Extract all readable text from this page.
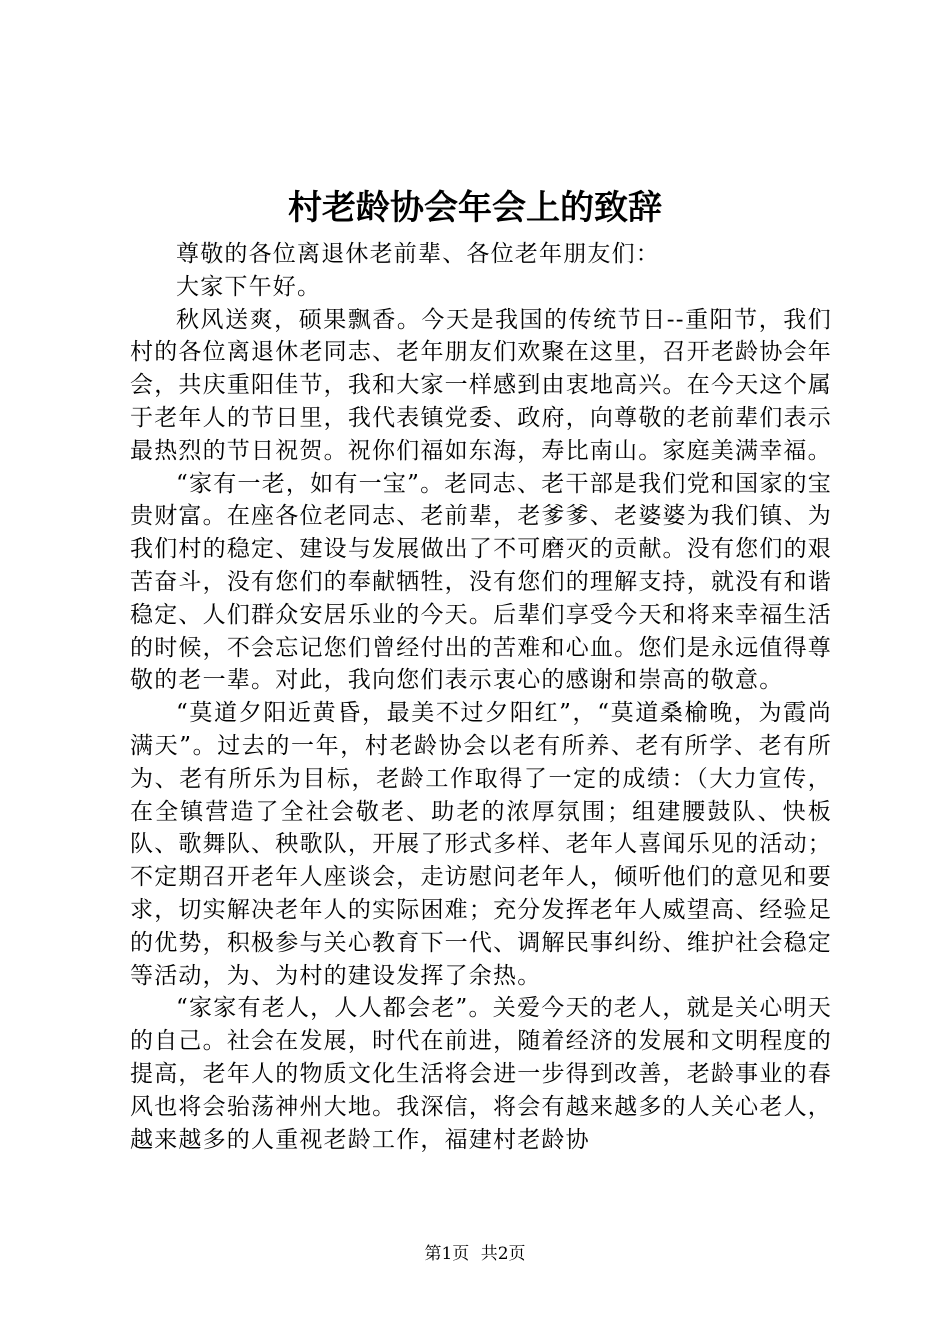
村老龄协会年会上的致辞

尊敬的各位离退休老前辈、各位老年朋友们：

大家下午好。

秋风送爽，硕果飘香。今天是我国的传统节日--重阳节，我们村的各位离退休老同志、老年朋友们欢聚在这里，召开老龄协会年会，共庆重阳佳节，我和大家一样感到由衷地高兴。在今天这个属于老年人的节日里，我代表镇党委、政府，向尊敬的老前辈们表示最热烈的节日祝贺。祝你们福如东海，寿比南山。家庭美满幸福。

“家有一老，如有一宝”。老同志、老干部是我们党和国家的宝贵财富。在座各位老同志、老前辈，老爹爹、老婆婆为我们镇、为我们村的稳定、建设与发展做出了不可磨灭的贡献。没有您们的艰苦奋斗，没有您们的奉献牺牲，没有您们的理解支持，就没有和谐稳定、人们群众安居乐业的今天。后辈们享受今天和将来幸福生活的时候，不会忘记您们曾经付出的苦难和心血。您们是永远值得尊敬的老一辈。对此，我向您们表示衷心的感谢和崇高的敬意。

“莫道夕阳近黄昏，最美不过夕阳红”，“莫道桑榆晚，为霞尚满天”。过去的一年，村老龄协会以老有所养、老有所学、老有所为、老有所乐为目标，老龄工作取得了一定的成绩：（大力宣传，在全镇营造了全社会敬老、助老的浓厚氛围；组建腰鼓队、快板队、歌舞队、秧歌队，开展了形式多样、老年人喜闻乐见的活动；不定期召开老年人座谈会，走访慰问老年人，倾听他们的意见和要求，切实解决老年人的实际困难；充分发挥老年人威望高、经验足的优势，积极参与关心教育下一代、调解民事纠纷、维护社会稳定等活动，为、为村的建设发挥了余热。

“家家有老人，人人都会老”。关爱今天的老人，就是关心明天的自己。社会在发展，时代在前进，随着经济的发展和文明程度的提高，老年人的物质文化生活将会进一步得到改善，老龄事业的春风也将会骀荡神州大地。我深信，将会有越来越多的人关心老人，越来越多的人重视老龄工作，福建村老龄协

第1页 共2页
